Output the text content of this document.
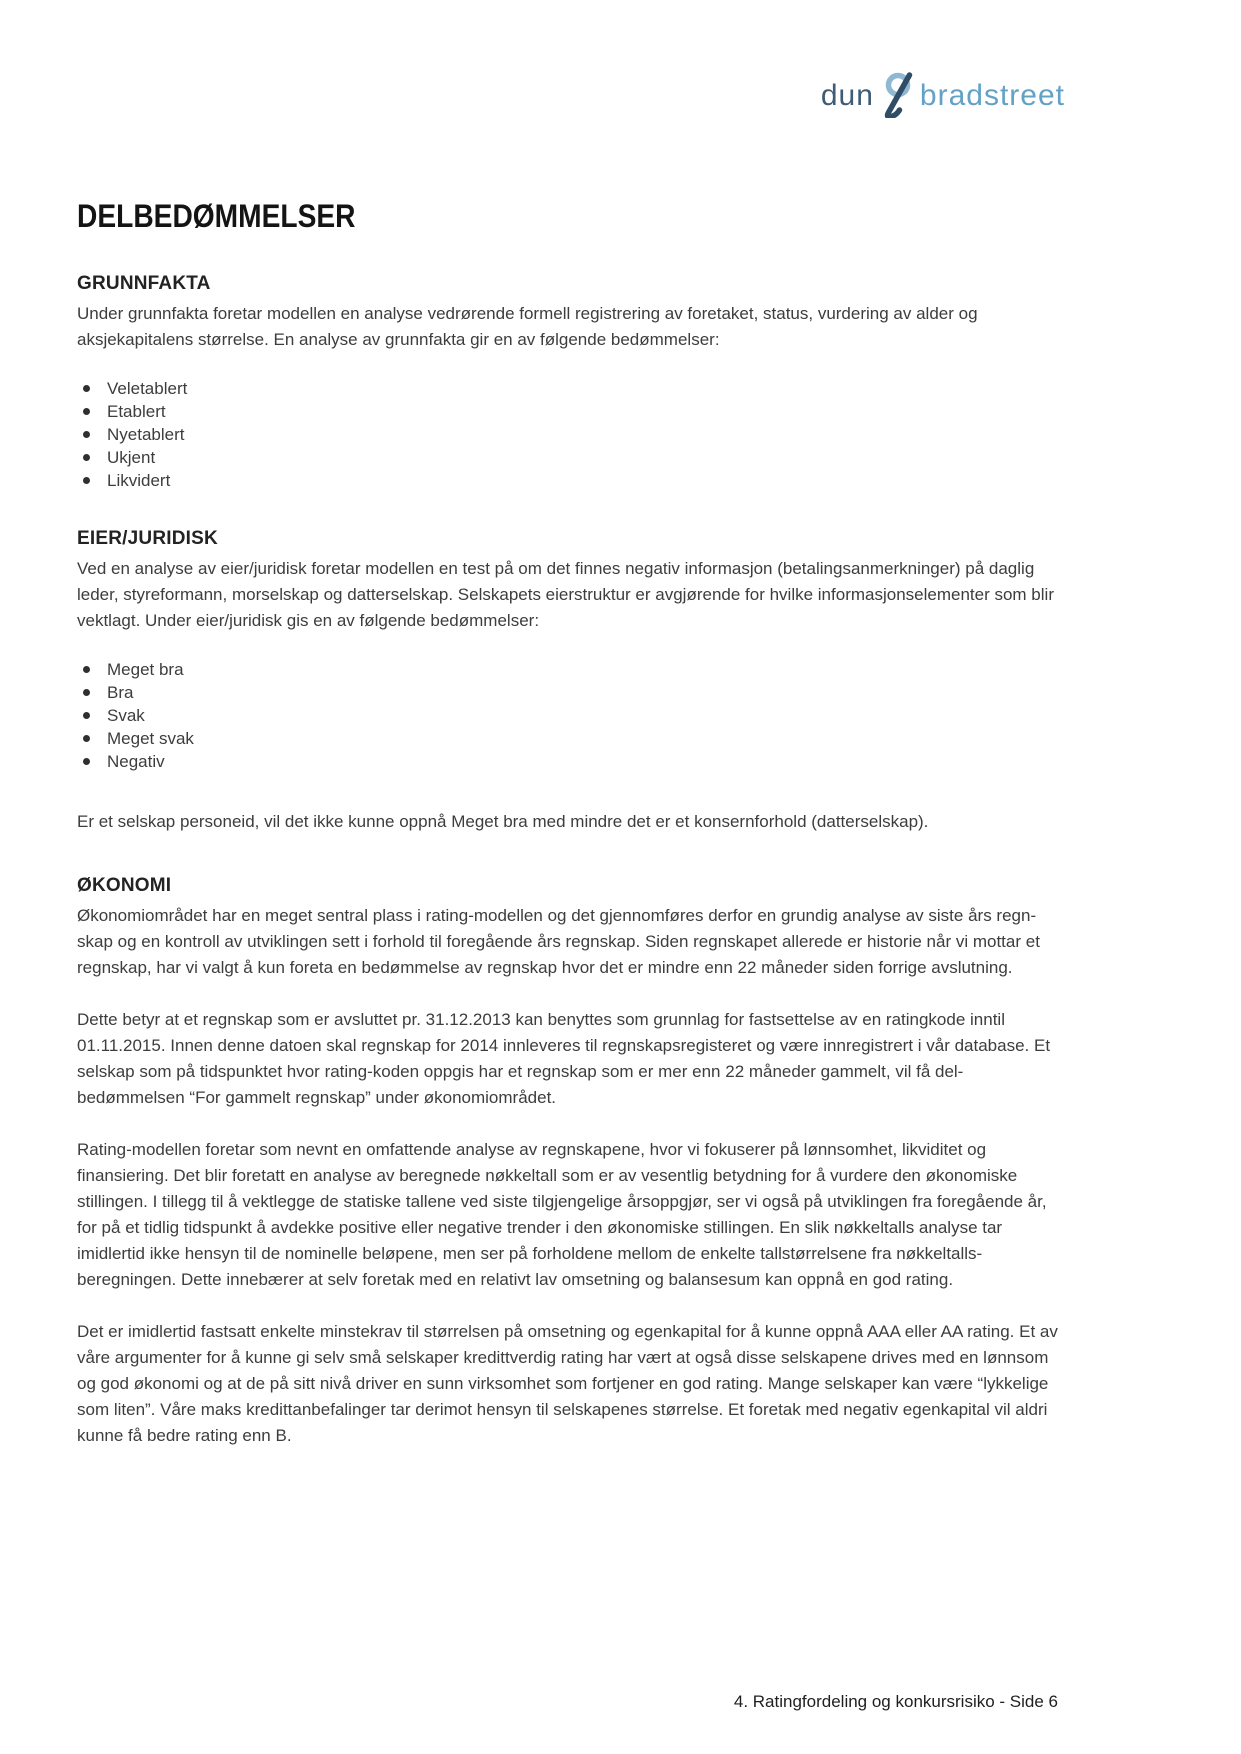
dun bradstreet
DELBEDØMMELSER
GRUNNFAKTA

Under grunnfakta foretar modellen en analyse vedrørende formell registrering av foretaket, status, vurdering av alder og aksjekapitalens størrelse. En analyse av grunnfakta gir en av følgende bedømmelser:

Veletablert
Etablert
Nyetablert
Ukjent
Likvidert
EIER/JURIDISK

Ved en analyse av eier/juridisk foretar modellen en test på om det finnes negativ informasjon (betalingsanmerkninger) på daglig leder, styreformann, morselskap og datterselskap. Selskapets eierstruktur er avgjørende for hvilke informasjonselementer som blir vektlagt. Under eier/juridisk gis en av følgende bedømmelser:

Meget bra
Bra
Svak
Meget svak
Negativ

Er et selskap personeid, vil det ikke kunne oppnå Meget bra med mindre det er et konsernforhold (datterselskap).

ØKONOMI

Økonomiområdet har en meget sentral plass i rating-modellen og det gjennomføres derfor en grundig analyse av siste års regn- skap og en kontroll av utviklingen sett i forhold til foregående års regnskap. Siden regnskapet allerede er historie når vi mottar et regnskap, har vi valgt å kun foreta en bedømmelse av regnskap hvor det er mindre enn 22 måneder siden forrige avslutning.

Dette betyr at et regnskap som er avsluttet pr. 31.12.2013 kan benyttes som grunnlag for fastsettelse av en ratingkode inntil 01.11.2015. Innen denne datoen skal regnskap for 2014 innleveres til regnskapsregisteret og være innregistrert i vår database. Et selskap som på tidspunktet hvor rating-koden oppgis har et regnskap som er mer enn 22 måneder gammelt, vil få del- bedømmelsen “For gammelt regnskap” under økonomiområdet.

Rating-modellen foretar som nevnt en omfattende analyse av regnskapene, hvor vi fokuserer på lønnsomhet, likviditet og finansiering. Det blir foretatt en analyse av beregnede nøkkeltall som er av vesentlig betydning for å vurdere den økonomiske stillingen. I tillegg til å vektlegge de statiske tallene ved siste tilgjengelige årsoppgjør, ser vi også på utviklingen fra foregående år, for på et tidlig tidspunkt å avdekke positive eller negative trender i den økonomiske stillingen. En slik nøkkeltalls analyse tar imidlertid ikke hensyn til de nominelle beløpene, men ser på forholdene mellom de enkelte tallstørrelsene fra nøkkeltalls- beregningen. Dette innebærer at selv foretak med en relativt lav omsetning og balansesum kan oppnå en god rating.

Det er imidlertid fastsatt enkelte minstekrav til størrelsen på omsetning og egenkapital for å kunne oppnå AAA eller AA rating. Et av våre argumenter for å kunne gi selv små selskaper kredittverdig rating har vært at også disse selskapene drives med en lønnsom og god økonomi og at de på sitt nivå driver en sunn virksomhet som fortjener en god rating. Mange selskaper kan være “lykkelige som liten”. Våre maks kredittanbefalinger tar derimot hensyn til selskapenes størrelse. Et foretak med negativ egenkapital vil aldri kunne få bedre rating enn B.

4. Ratingfordeling og konkursrisiko - Side 6
